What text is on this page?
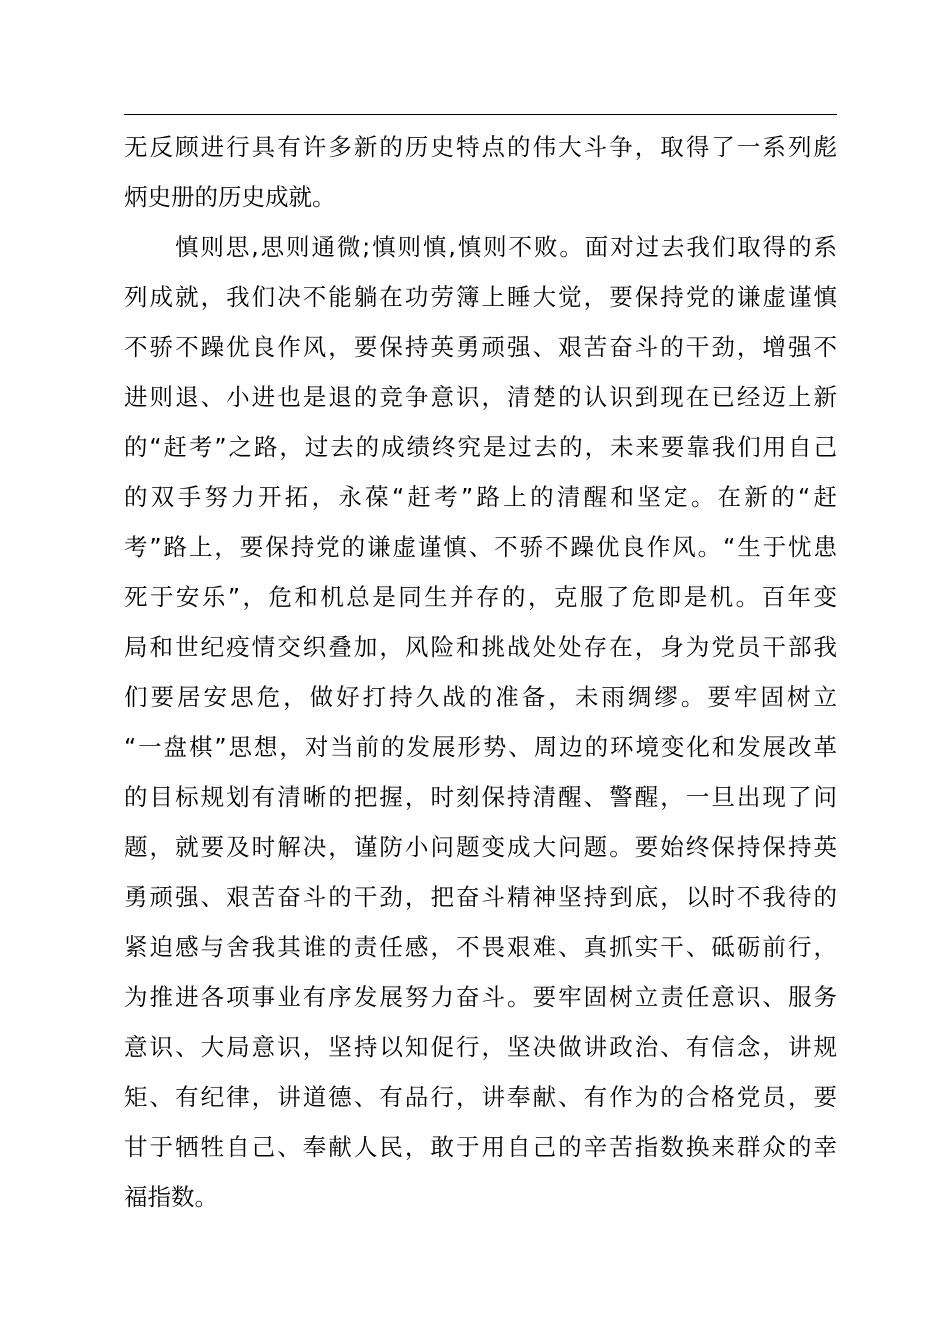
无反顾进行具有许多新的历史特点的伟大斗争，取得了一系列彪
炳史册的历史成就。
慎则思,思则通微;慎则慎,慎则不败。面对过去我们取得的系
列成就，我们决不能躺在功劳簿上睡大觉，要保持党的谦虚谨慎
不骄不躁优良作风，要保持英勇顽强、艰苦奋斗的干劲，增强不
进则退、小进也是退的竞争意识，清楚的认识到现在已经迈上新
的“赶考”之路，过去的成绩终究是过去的，未来要靠我们用自己
的双手努力开拓，永葆“赶考”路上的清醒和坚定。在新的“赶
考”路上，要保持党的谦虚谨慎、不骄不躁优良作风。“生于忧患
死于安乐”，危和机总是同生并存的，克服了危即是机。百年变
局和世纪疫情交织叠加，风险和挑战处处存在，身为党员干部我
们要居安思危，做好打持久战的准备，未雨绸缪。要牢固树立
“一盘棋”思想，对当前的发展形势、周边的环境变化和发展改革
的目标规划有清晰的把握，时刻保持清醒、警醒，一旦出现了问
题，就要及时解决，谨防小问题变成大问题。要始终保持保持英
勇顽强、艰苦奋斗的干劲，把奋斗精神坚持到底，以时不我待的
紧迫感与舍我其谁的责任感，不畏艰难、真抓实干、砥砺前行，
为推进各项事业有序发展努力奋斗。要牢固树立责任意识、服务
意识、大局意识，坚持以知促行，坚决做讲政治、有信念，讲规
矩、有纪律，讲道德、有品行，讲奉献、有作为的合格党员，要
甘于牺牲自己、奉献人民，敢于用自己的辛苦指数换来群众的幸
福指数。
